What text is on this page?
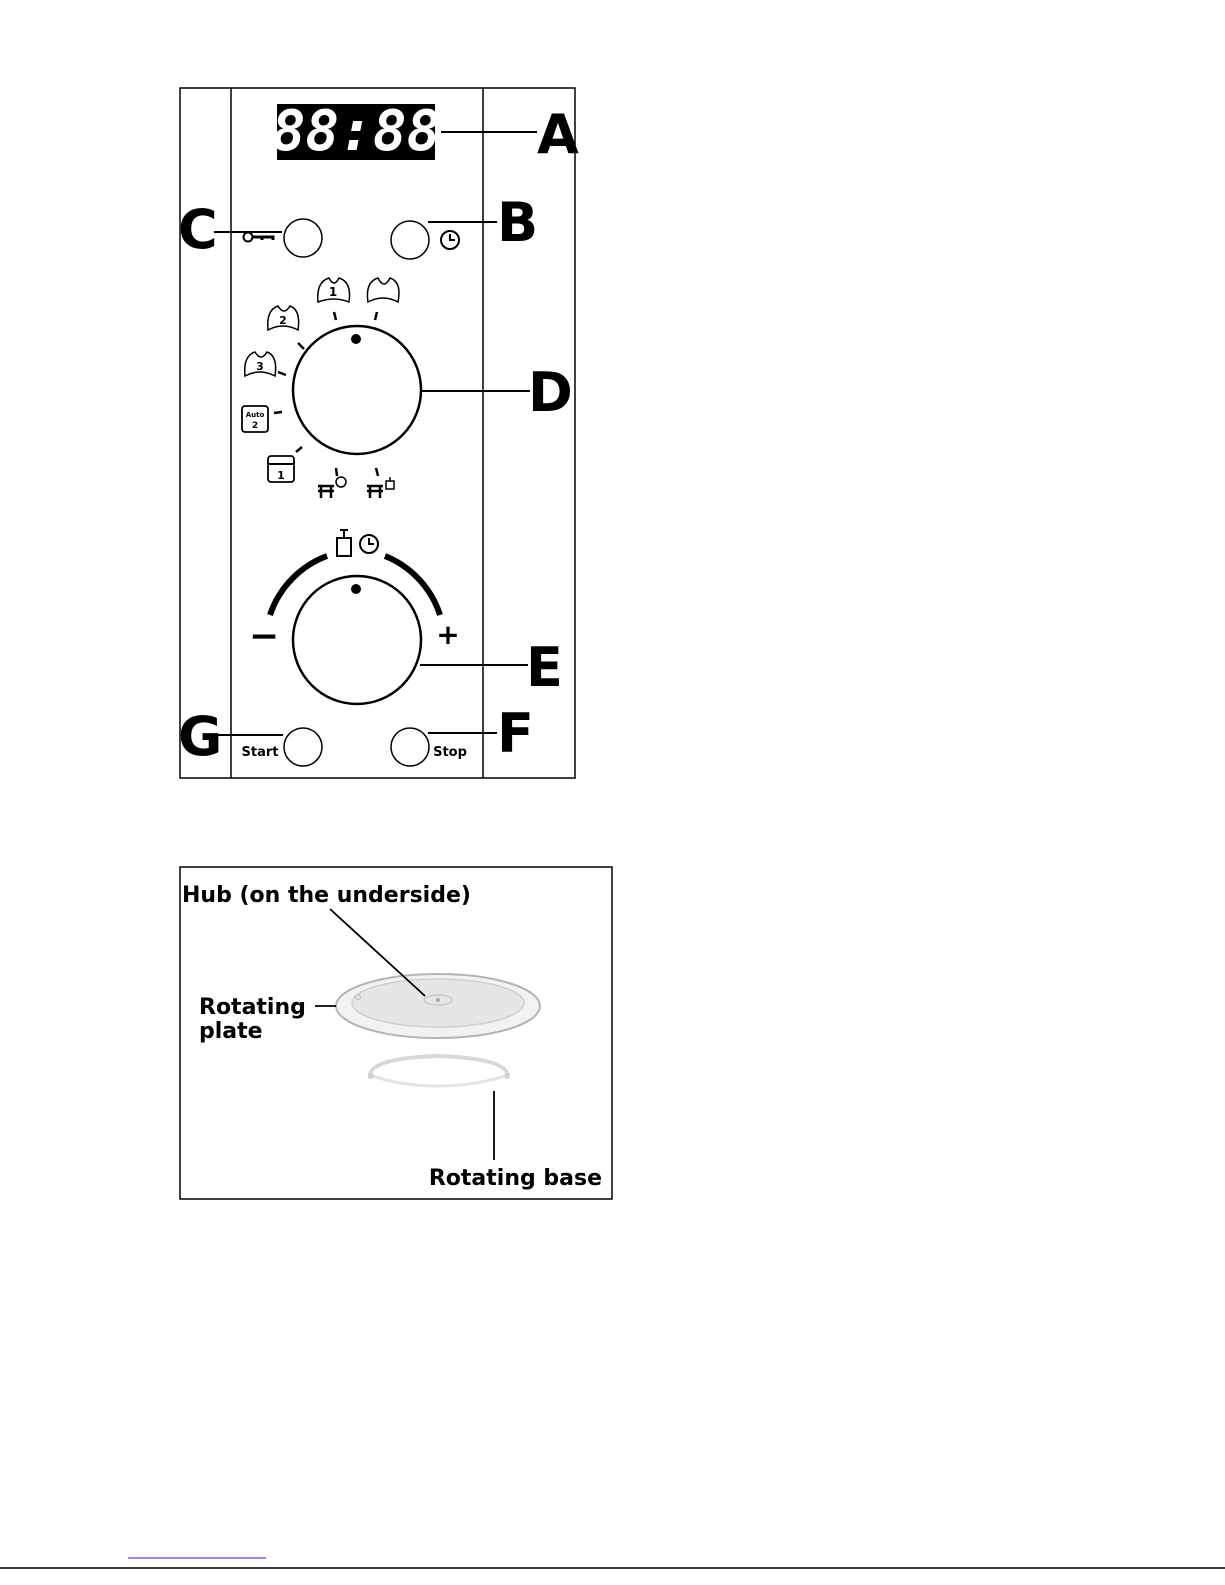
88:88 A
C	B
D
1
2
3
Auto
2
1
−	+
E
Start
G	Stop F
Hub (on the underside)
Rotating
plate
Rotating base
